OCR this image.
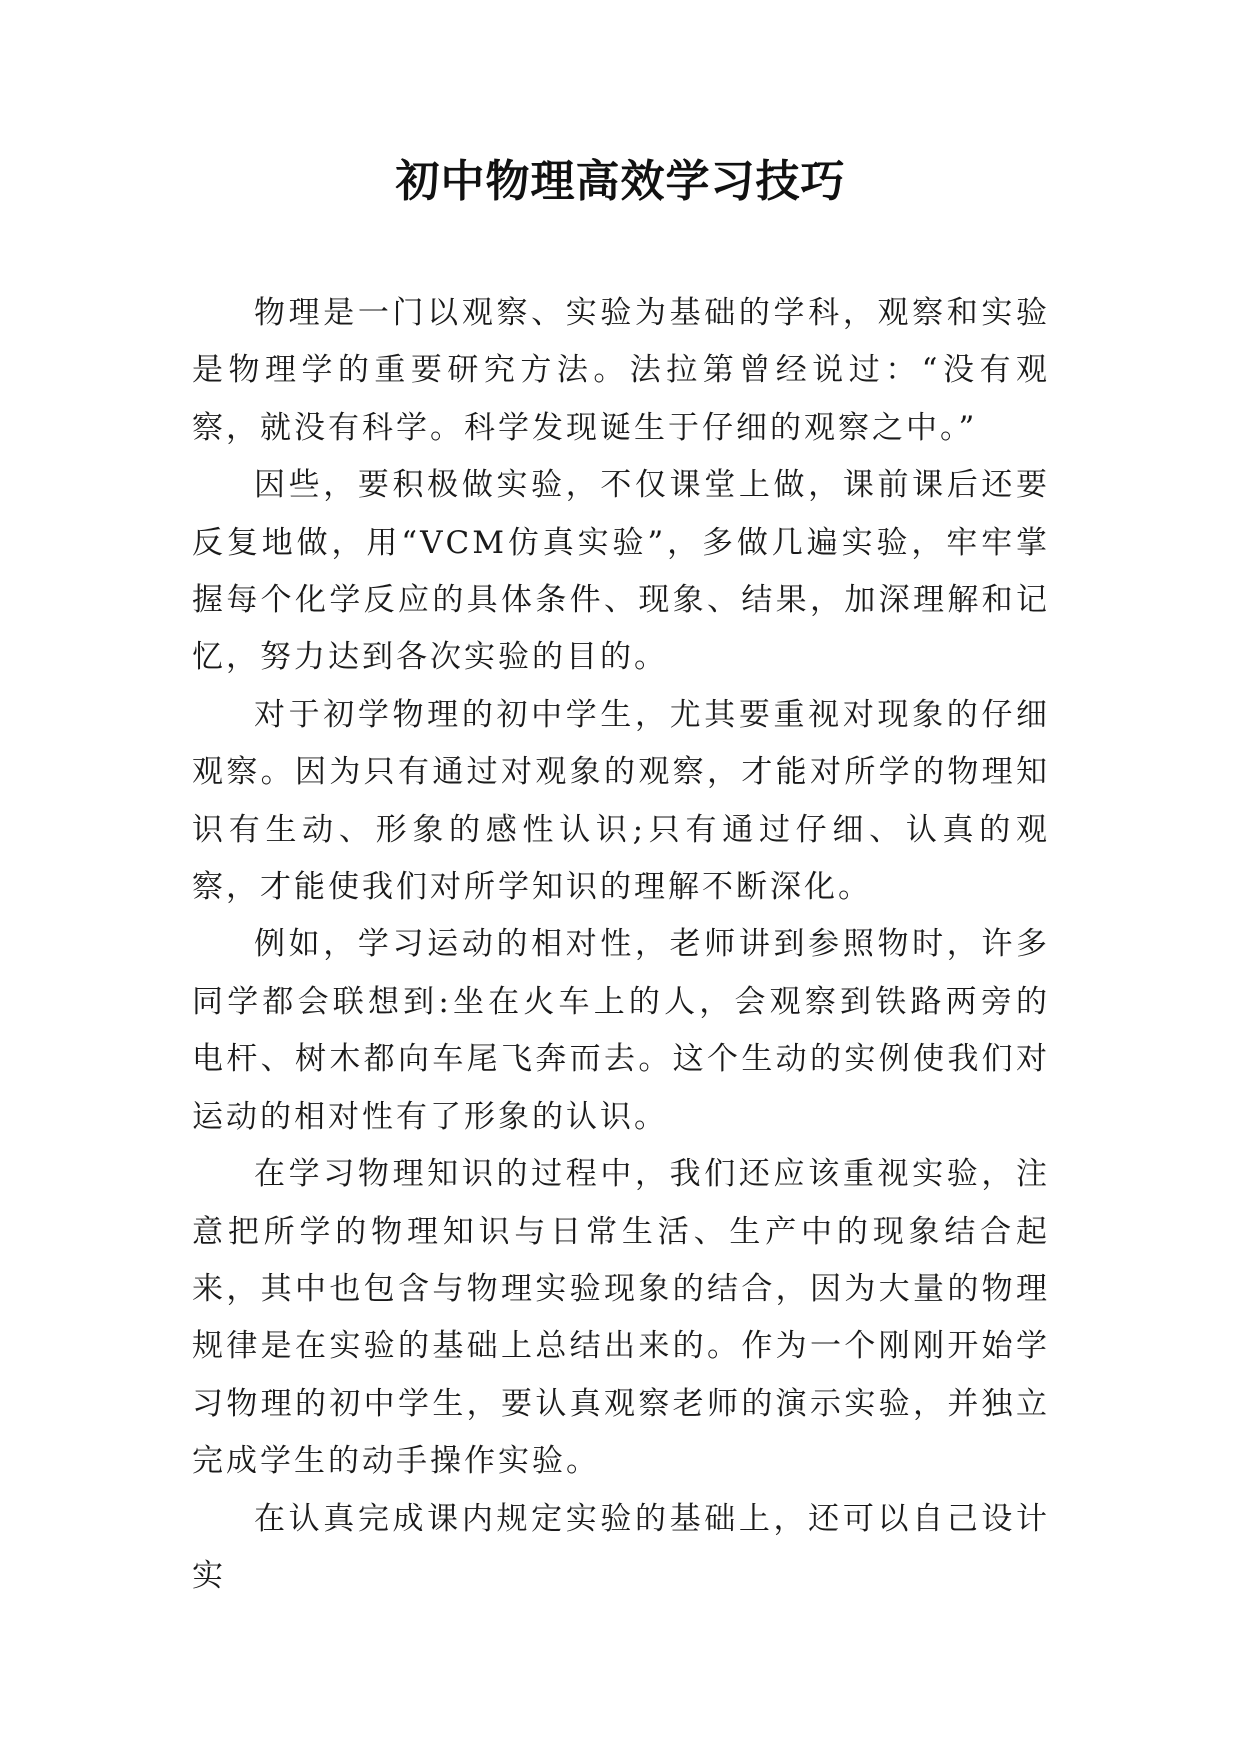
初中物理高效学习技巧

物理是一门以观察、实验为基础的学科，观察和实验是物理学的重要研究方法。法拉第曾经说过：“没有观察，就没有科学。科学发现诞生于仔细的观察之中。”

因些，要积极做实验，不仅课堂上做，课前课后还要反复地做，用“VCM仿真实验”，多做几遍实验，牢牢掌握每个化学反应的具体条件、现象、结果，加深理解和记忆，努力达到各次实验的目的。

对于初学物理的初中学生，尤其要重视对现象的仔细观察。因为只有通过对观象的观察，才能对所学的物理知识有生动、形象的感性认识;只有通过仔细、认真的观察，才能使我们对所学知识的理解不断深化。

例如，学习运动的相对性，老师讲到参照物时，许多同学都会联想到:坐在火车上的人，会观察到铁路两旁的电杆、树木都向车尾飞奔而去。这个生动的实例使我们对运动的相对性有了形象的认识。

在学习物理知识的过程中，我们还应该重视实验，注意把所学的物理知识与日常生活、生产中的现象结合起来，其中也包含与物理实验现象的结合，因为大量的物理规律是在实验的基础上总结出来的。作为一个刚刚开始学习物理的初中学生，要认真观察老师的演示实验，并独立完成学生的动手操作实验。

在认真完成课内规定实验的基础上，还可以自己设计实
